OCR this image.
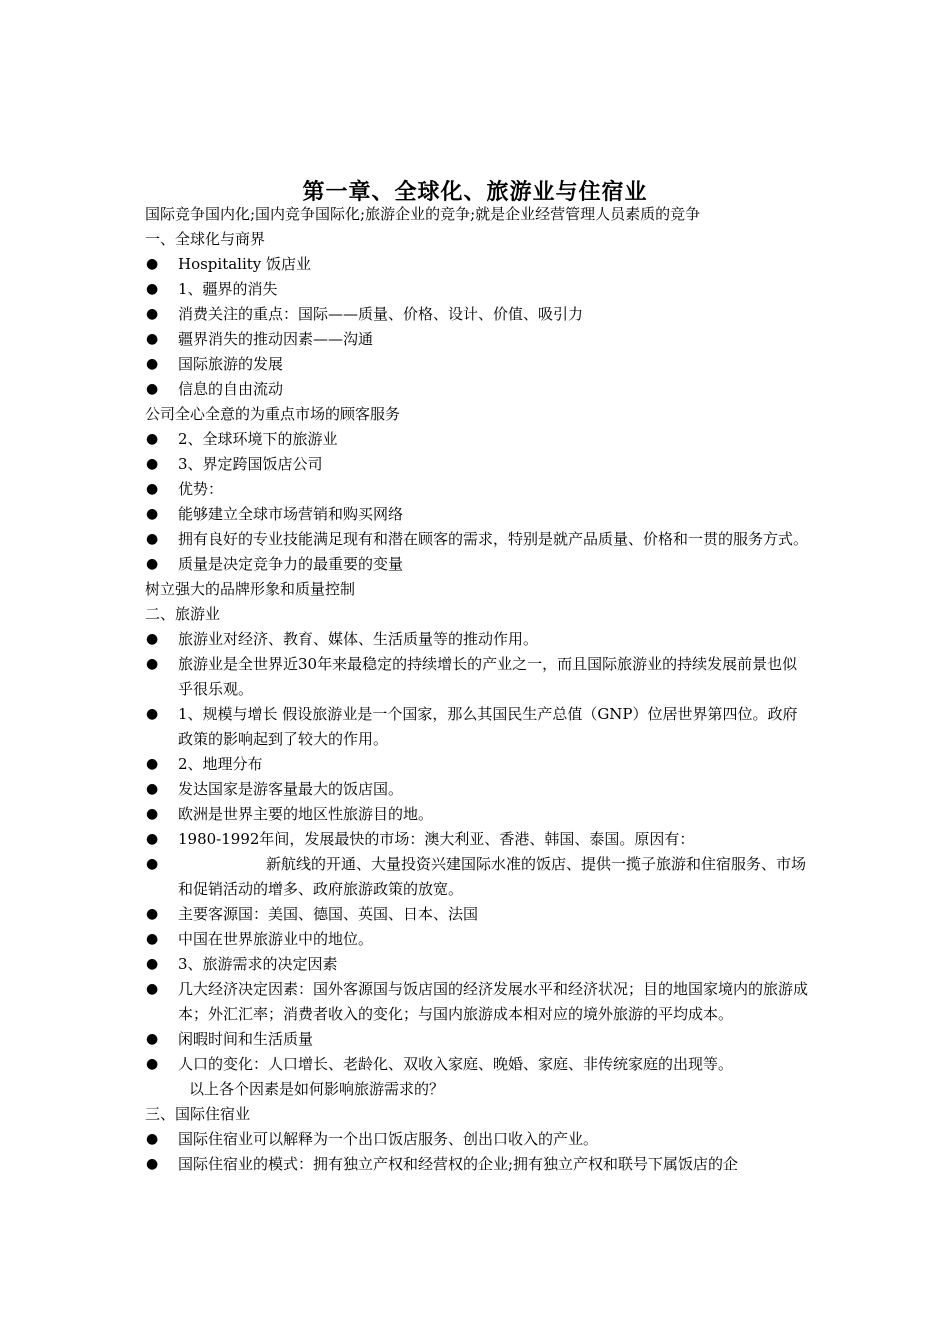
第一章、全球化、旅游业与住宿业

国际竞争国内化;国内竞争国际化;旅游企业的竞争;就是企业经营管理人员素质的竞争

一、全球化与商界

● Hospitality 饭店业

● 1、疆界的消失

● 消费关注的重点：国际——质量、价格、设计、价值、吸引力

● 疆界消失的推动因素——沟通

● 国际旅游的发展

● 信息的自由流动

公司全心全意的为重点市场的顾客服务

● 2、全球环境下的旅游业

● 3、界定跨国饭店公司

● 优势：

● 能够建立全球市场营销和购买网络

● 拥有良好的专业技能满足现有和潜在顾客的需求，特别是就产品质量、价格和一贯的服务方式。

● 质量是决定竞争力的最重要的变量

树立强大的品牌形象和质量控制

二、旅游业

● 旅游业对经济、教育、媒体、生活质量等的推动作用。

● 旅游业是全世界近30年来最稳定的持续增长的产业之一，而且国际旅游业的持续发展前景也似乎很乐观。

● 1、规模与增长 假设旅游业是一个国家，那么其国民生产总值（GNP）位居世界第四位。政府政策的影响起到了较大的作用。

● 2、地理分布

● 发达国家是游客量最大的饭店国。

● 欧洲是世界主要的地区性旅游目的地。

● 1980-1992年间，发展最快的市场：澳大利亚、香港、韩国、泰国。原因有：

●	新航线的开通、大量投资兴建国际水准的饭店、提供一揽子旅游和住宿服务、市场和促销活动的增多、政府旅游政策的放宽。

● 主要客源国：美国、德国、英国、日本、法国

● 中国在世界旅游业中的地位。

● 3、旅游需求的决定因素

● 几大经济决定因素：国外客源国与饭店国的经济发展水平和经济状况；目的地国家境内的旅游成本；外汇汇率；消费者收入的变化；与国内旅游成本相对应的境外旅游的平均成本。

● 闲暇时间和生活质量

● 人口的变化：人口增长、老龄化、双收入家庭、晚婚、家庭、非传统家庭的出现等。

以上各个因素是如何影响旅游需求的？

三、国际住宿业

● 国际住宿业可以解释为一个出口饭店服务、创出口收入的产业。

● 国际住宿业的模式：拥有独立产权和经营权的企业;拥有独立产权和联号下属饭店的企
